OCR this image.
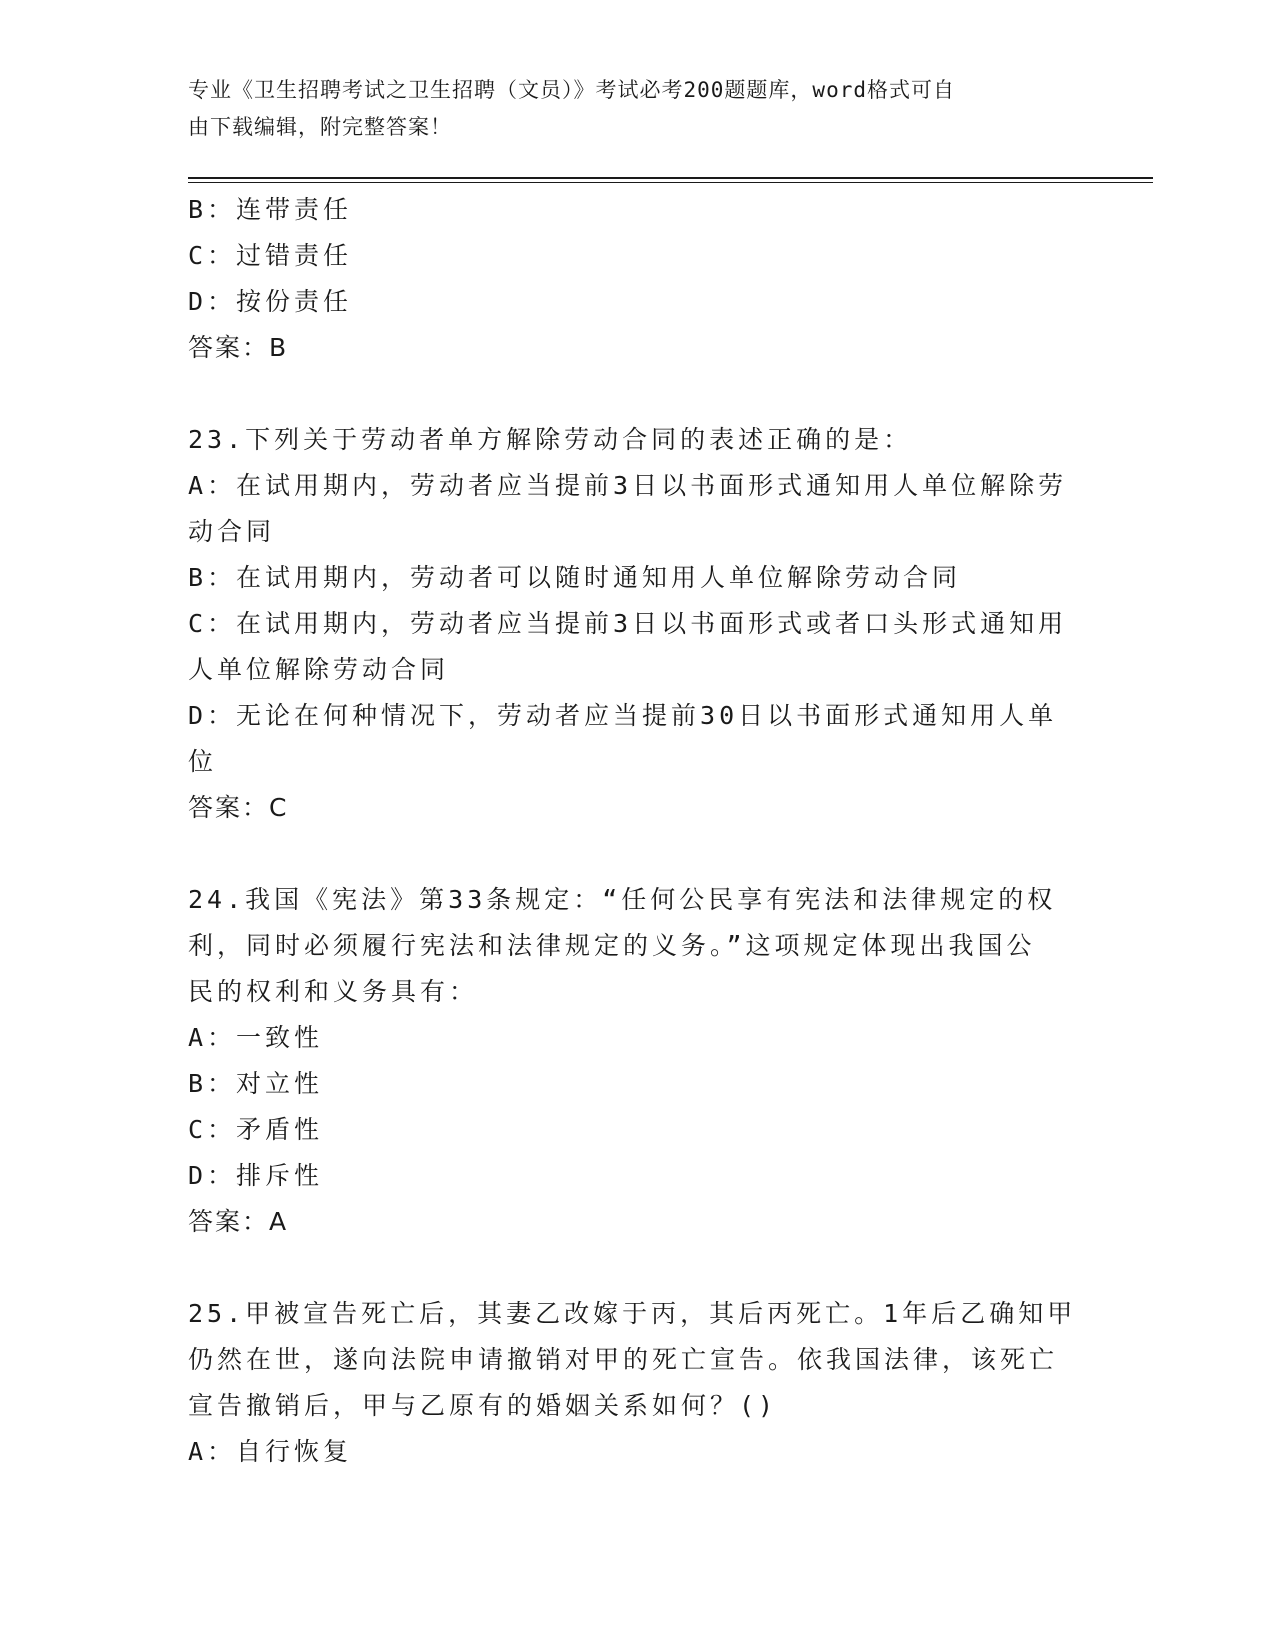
专业《卫生招聘考试之卫生招聘（文员）》考试必考200题题库，word格式可自
由下载编辑，附完整答案！
B：连带责任
C：过错责任
D：按份责任
答案：B
23.下列关于劳动者单方解除劳动合同的表述正确的是：
A：在试用期内，劳动者应当提前3日以书面形式通知用人单位解除劳
动合同
B：在试用期内，劳动者可以随时通知用人单位解除劳动合同
C：在试用期内，劳动者应当提前3日以书面形式或者口头形式通知用
人单位解除劳动合同
D：无论在何种情况下，劳动者应当提前30日以书面形式通知用人单
位
答案：C
24.我国《宪法》第33条规定：“任何公民享有宪法和法律规定的权
利，同时必须履行宪法和法律规定的义务。”这项规定体现出我国公
民的权利和义务具有：
A：一致性
B：对立性
C：矛盾性
D：排斥性
答案：A
25.甲被宣告死亡后，其妻乙改嫁于丙，其后丙死亡。1年后乙确知甲
仍然在世，遂向法院申请撤销对甲的死亡宣告。依我国法律，该死亡
宣告撤销后，甲与乙原有的婚姻关系如何？()
A：自行恢复
